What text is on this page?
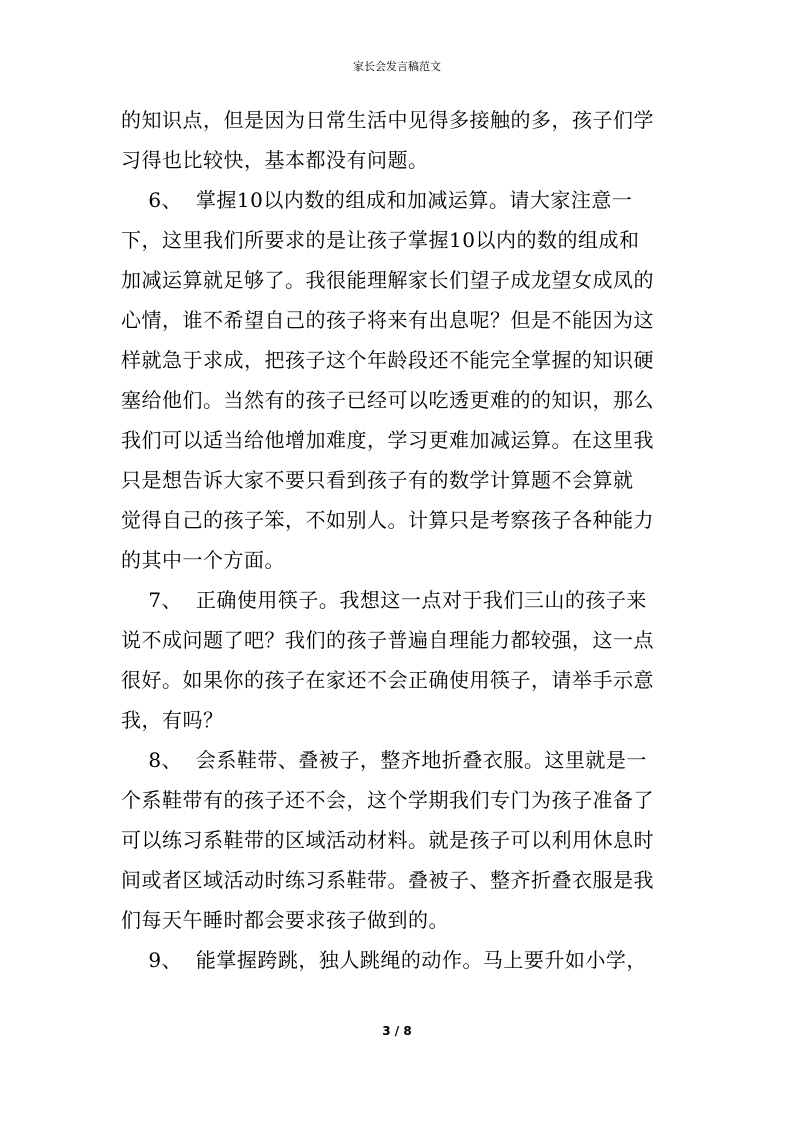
家长会发言稿范文
的知识点，但是因为日常生活中见得多接触的多，孩子们学
习得也比较快，基本都没有问题。
6、  掌握10以内数的组成和加减运算。请大家注意一
下，这里我们所要求的是让孩子掌握10以内的数的组成和
加减运算就足够了。我很能理解家长们望子成龙望女成凤的
心情，谁不希望自己的孩子将来有出息呢？但是不能因为这
样就急于求成，把孩子这个年龄段还不能完全掌握的知识硬
塞给他们。当然有的孩子已经可以吃透更难的的知识，那么
我们可以适当给他增加难度，学习更难加减运算。在这里我
只是想告诉大家不要只看到孩子有的数学计算题不会算就
觉得自己的孩子笨，不如别人。计算只是考察孩子各种能力
的其中一个方面。
7、  正确使用筷子。我想这一点对于我们三山的孩子来
说不成问题了吧？我们的孩子普遍自理能力都较强，这一点
很好。如果你的孩子在家还不会正确使用筷子，请举手示意
我，有吗？
8、  会系鞋带、叠被子，整齐地折叠衣服。这里就是一
个系鞋带有的孩子还不会，这个学期我们专门为孩子准备了
可以练习系鞋带的区域活动材料。就是孩子可以利用休息时
间或者区域活动时练习系鞋带。叠被子、整齐折叠衣服是我
们每天午睡时都会要求孩子做到的。
9、  能掌握跨跳，独人跳绳的动作。马上要升如小学，
3 / 8
